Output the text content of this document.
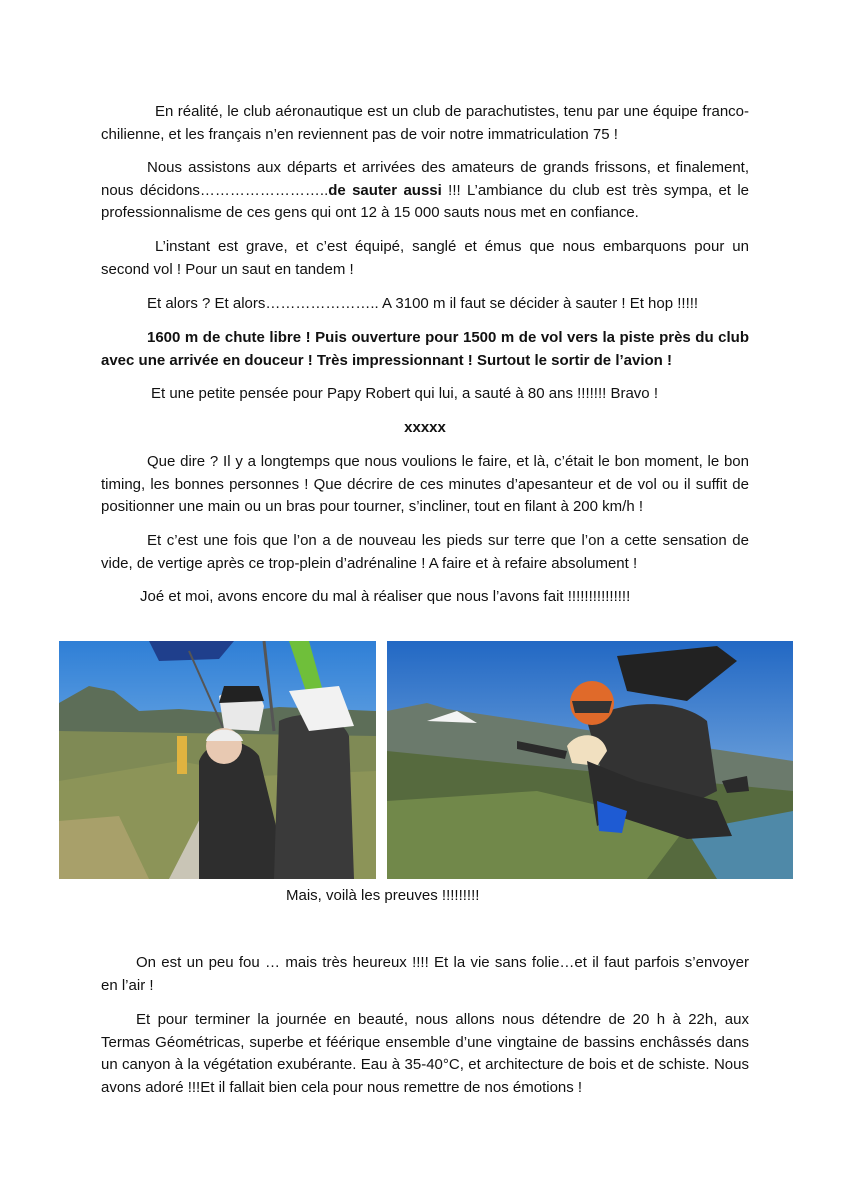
En réalité, le club aéronautique est un club de parachutistes, tenu par une équipe franco-chilienne, et les français n’en reviennent pas de voir notre immatriculation 75 !

Nous assistons aux départs et arrivées des amateurs de grands frissons, et finalement, nous décidons……………………..de sauter aussi !!! L’ambiance du club est très sympa, et le professionnalisme de ces gens qui ont 12 à 15 000 sauts nous met en confiance.

L’instant est grave, et c’est équipé, sanglé et émus que nous embarquons pour un second vol ! Pour un saut en tandem !

Et alors ? Et alors………………….. A 3100 m il faut se décider à sauter ! Et hop !!!!!

1600 m de chute libre ! Puis ouverture pour 1500 m de vol vers la piste près du club avec une arrivée en douceur ! Très impressionnant ! Surtout le sortir de l’avion !

Et une petite pensée pour Papy Robert qui lui, a sauté à 80 ans !!!!!!! Bravo !

xxxxx

Que dire ? Il y a longtemps que nous voulions le faire, et là, c’était le bon moment, le bon timing, les bonnes personnes ! Que décrire de ces minutes d’apesanteur et de vol ou il suffit de positionner une main ou un bras pour tourner, s’incliner, tout en filant à 200 km/h !

Et c’est une fois que l’on a de nouveau les pieds sur terre que l’on a cette sensation de vide, de vertige après ce trop-plein d’adrénaline ! A faire et à refaire absolument !

Joé et moi, avons encore du mal à réaliser que nous l’avons fait !!!!!!!!!!!!!!!

Mais, voilà les preuves !!!!!!!!!

On est un peu fou … mais très heureux !!!! Et la vie sans folie…et il faut parfois s’envoyer en l’air !

Et pour terminer la journée en beauté, nous allons nous détendre de 20 h à 22h, aux Termas Géométricas, superbe et féérique ensemble d’une vingtaine de bassins enchâssés dans un canyon à la végétation exubérante. Eau à 35-40°C, et architecture de bois et de schiste. Nous avons adoré !!!Et il fallait bien cela pour nous remettre de nos émotions !
